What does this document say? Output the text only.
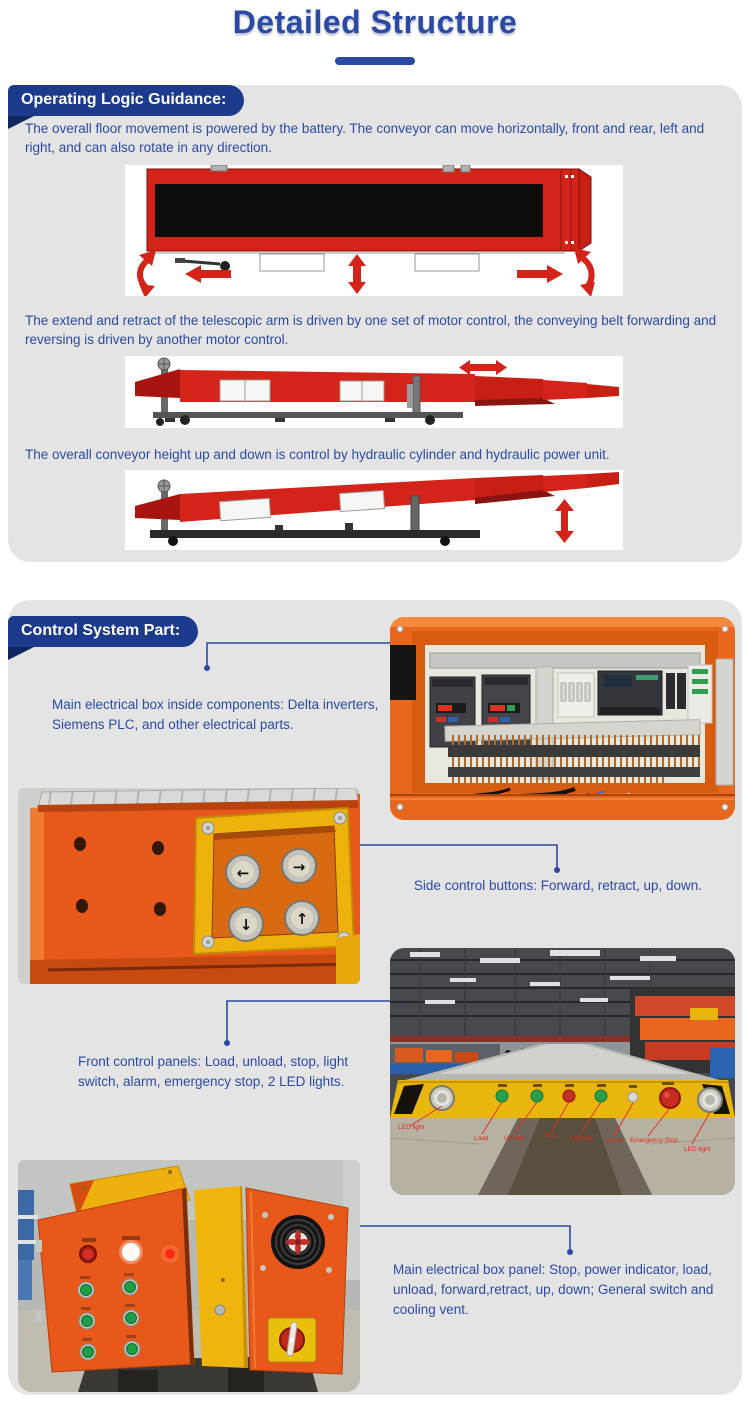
Detailed Structure
Operating Logic Guidance:
The overall floor movement is powered by the battery. The conveyor can move horizontally, front and rear, left and right, and can also rotate in any direction.
The extend and retract of the telescopic arm is driven by one set of motor control, the conveying belt forwarding and reversing is driven by another motor control.
The overall conveyor height up and down is control by hydraulic cylinder and hydraulic power unit.
Control System Part:
Main electrical box inside components: Delta inverters, Siemens PLC, and other electrical parts.
←	→
↓	↑
Side control buttons: Forward, retract, up, down.
LED light
Load Unload	Stop Lighting Alarm Emergency Stop
LED light
Front control panels: Load, unload, stop, light switch, alarm, emergency stop, 2 LED lights.
Main electrical box panel: Stop, power indicator, load, unload, forward,retract, up, down; General switch and cooling vent.
